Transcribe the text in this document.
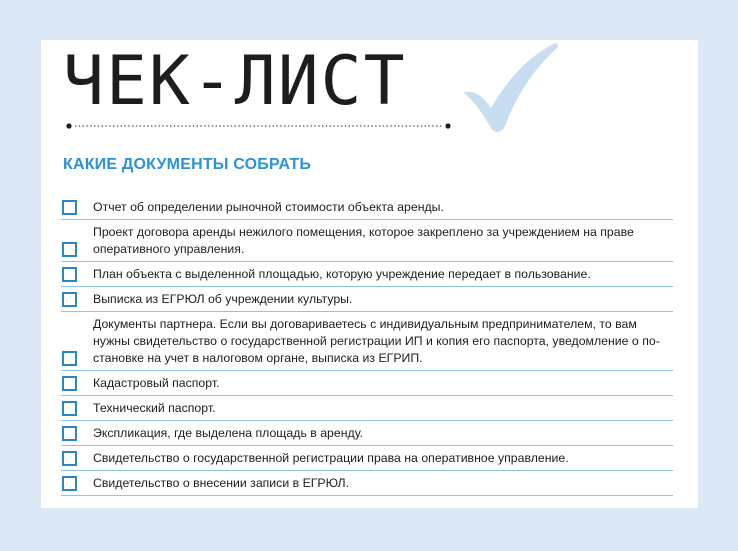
ЧЕК-ЛИСТ
КАКИЕ ДОКУМЕНТЫ СОБРАТЬ
Отчет об определении рыночной стоимости объекта аренды.
Проект договора аренды нежилого помещения, которое закреплено за учреждением на праве
оперативного управления.
План объекта с выделенной площадью, которую учреждение передает в пользование.
Выписка из ЕГРЮЛ об учреждении культуры.
Документы партнера. Если вы договариваетесь с индивидуальным предпринимателем, то вам
нужны свидетельство о государственной регистрации ИП и копия его паспорта, уведомление о по-
становке на учет в налоговом органе, выписка из ЕГРИП.
Кадастровый паспорт.
Технический паспорт.
Экспликация, где выделена площадь в аренду.
Свидетельство о государственной регистрации права на оперативное управление.
Свидетельство о внесении записи в ЕГРЮЛ.
